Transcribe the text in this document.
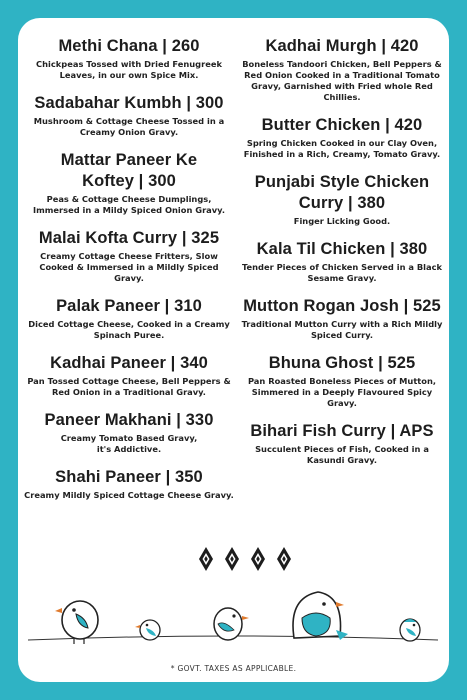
Methi Chana | 260
Chickpeas Tossed with Dried Fenugreek Leaves, in our own Spice Mix.
Sadabahar Kumbh | 300
Mushroom & Cottage Cheese Tossed in a Creamy Onion Gravy.
Mattar Paneer Ke Koftey | 300
Peas & Cottage Cheese Dumplings, Immersed in a Mildy Spiced Onion Gravy.
Malai Kofta Curry | 325
Creamy Cottage Cheese Fritters, Slow Cooked & Immersed in a Mildly Spiced Gravy.
Palak Paneer | 310
Diced Cottage Cheese, Cooked in a Creamy Spinach Puree.
Kadhai Paneer | 340
Pan Tossed Cottage Cheese, Bell Peppers & Red Onion in a Traditional Gravy.
Paneer Makhani | 330
Creamy Tomato Based Gravy, it's Addictive.
Shahi Paneer | 350
Creamy Mildly Spiced Cottage Cheese Gravy.
Kadhai Murgh | 420
Boneless Tandoori Chicken, Bell Peppers & Red Onion Cooked in a Traditional Tomato Gravy, Garnished with Fried whole Red Chillies.
Butter Chicken | 420
Spring Chicken Cooked in our Clay Oven, Finished in a Rich, Creamy, Tomato Gravy.
Punjabi Style Chicken Curry | 380
Finger Licking Good.
Kala Til Chicken | 380
Tender Pieces of Chicken Served in a Black Sesame Gravy.
Mutton Rogan Josh | 525
Traditional Mutton Curry with a Rich Mildly Spiced Curry.
Bhuna Ghost | 525
Pan Roasted Boneless Pieces of Mutton, Simmered in a Deeply Flavoured Spicy Gravy.
Bihari Fish Curry | APS
Succulent Pieces of Fish, Cooked in a Kasundi Gravy.
* GOVT. TAXES AS APPLICABLE.
